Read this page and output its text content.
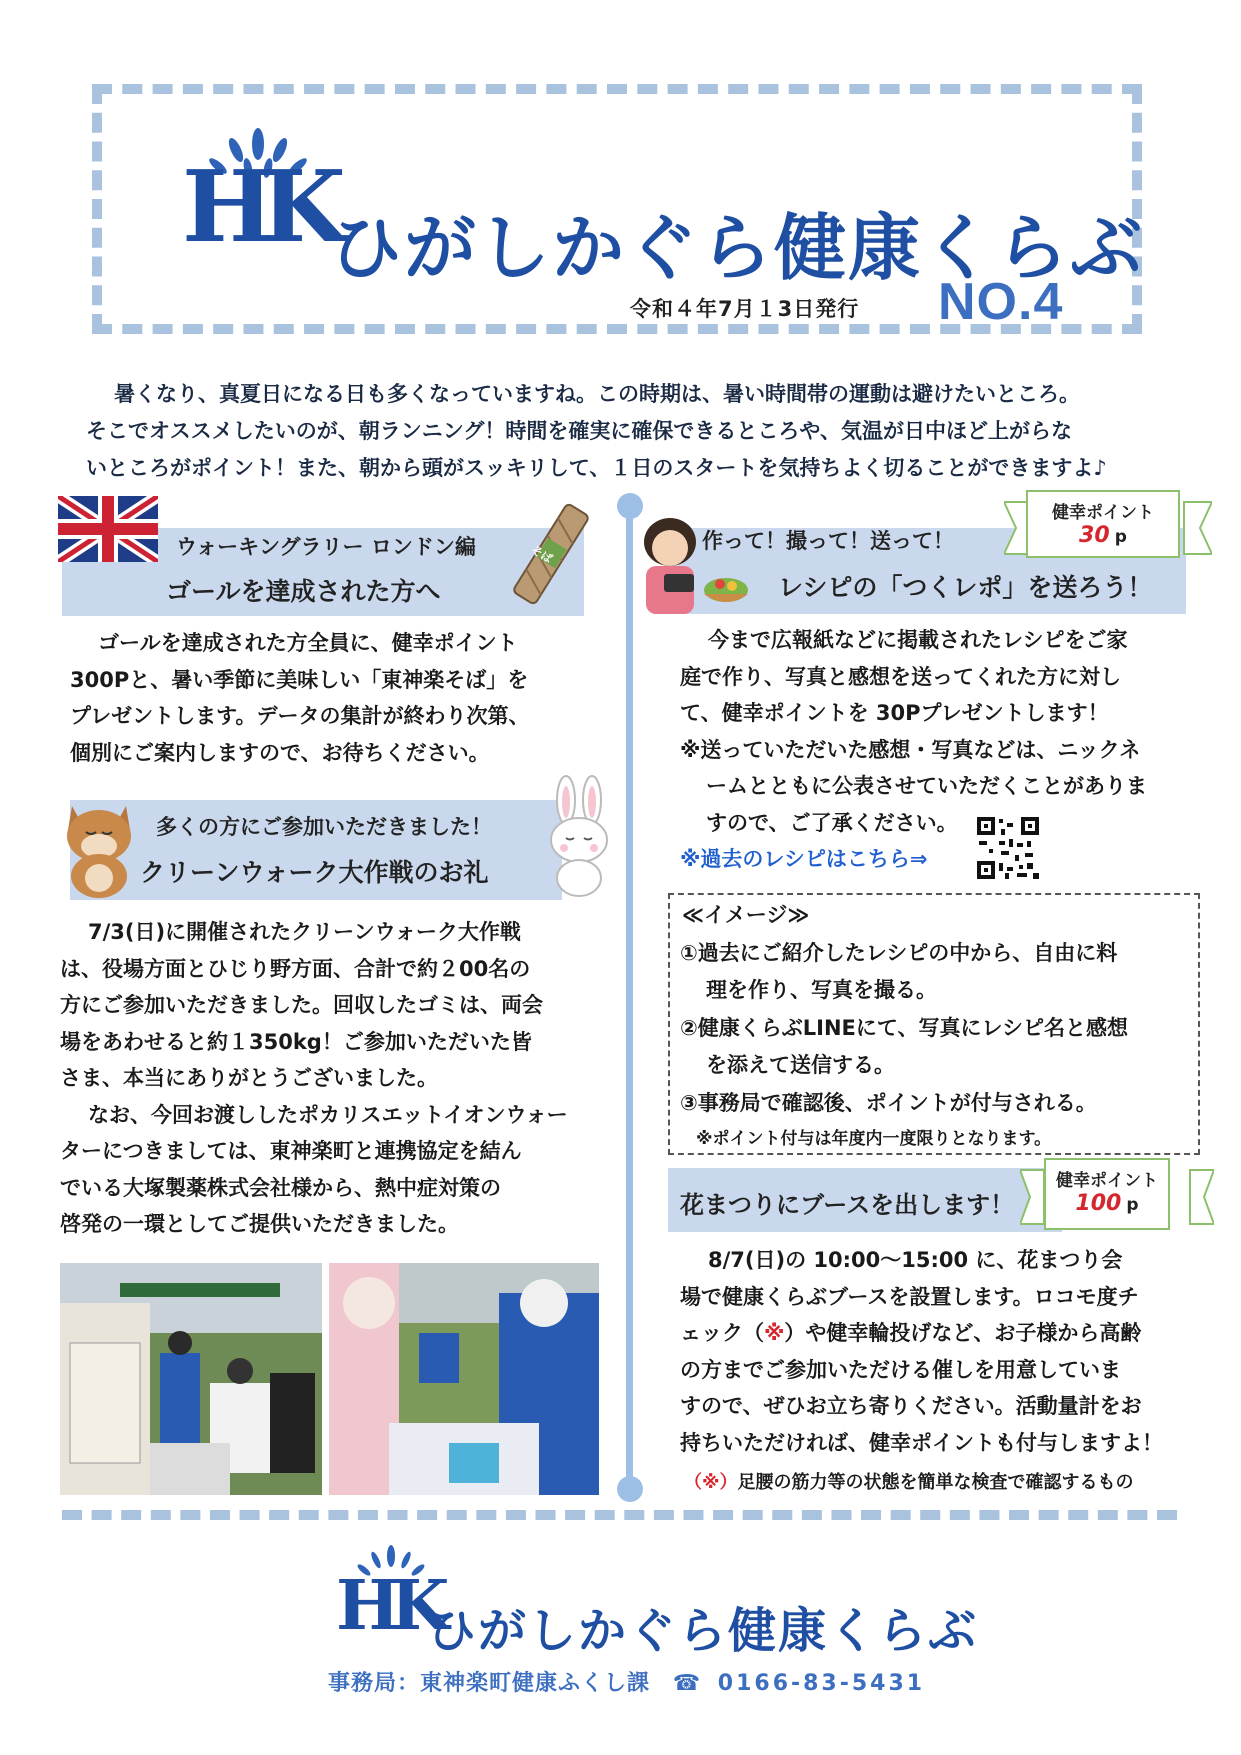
HK
ひがしかぐら健康くらぶ
令和４年7月１3日発行 NO.4

暑くなり、真夏日になる日も多くなっていますね。この時期は、暑い時間帯の運動は避けたいところ。

そこでオススメしたいのが、朝ランニング！時間を確実に確保できるところや、気温が日中ほど上がらな

いところがポイント！また、朝から頭がスッキリして、１日のスタートを気持ちよく切ることができますよ♪

ウォーキングラリー ロンドン編
ゴールを達成された方へ
そば

ゴールを達成された方全員に、健幸ポイント

300Pと、暑い季節に美味しい「東神楽そば」を

プレゼントします。データの集計が終わり次第、

個別にご案内しますので、お待ちください。

多くの方にご参加いただきました！
クリーンウォーク大作戦のお礼

7/3(日)に開催されたクリーンウォーク大作戦

は、役場方面とひじり野方面、合計で約２00名の

方にご参加いただきました。回収したゴミは、両会

場をあわせると約１350kg！ご参加いただいた皆

さま、本当にありがとうございました。

なお、今回お渡ししたポカリスエットイオンウォー

ターにつきましては、東神楽町と連携協定を結ん

でいる大塚製薬株式会社様から、熱中症対策の

啓発の一環としてご提供いただきました。

作って！撮って！送って！
レシピの「つくレポ」を送ろう！
健幸ポイント
30 p

今まで広報紙などに掲載されたレシピをご家

庭で作り、写真と感想を送ってくれた方に対し

て、健幸ポイントを 30Pプレゼントします！

※送っていただいた感想・写真などは、ニックネ

ームとともに公表させていただくことがありま

すので、ご了承ください。

※過去のレシピはこちら⇒

≪イメージ≫

①過去にご紹介したレシピの中から、自由に料

理を作り、写真を撮る。

②健康くらぶLINEにて、写真にレシピ名と感想

を添えて送信する。

③事務局で確認後、ポイントが付与される。

※ポイント付与は年度内一度限りとなります。
花まつりにブースを出します！
健幸ポイント
100 p

8/7(日)の 10:00～15:00 に、花まつり会

場で健康くらぶブースを設置します。ロコモ度チ

ェック（※）や健幸輪投げなど、お子様から高齢

の方までご参加いただける催しを用意していま

すので、ぜひお立ち寄りください。活動量計をお

持ちいただければ、健幸ポイントも付与しますよ！

（※）足腰の筋力等の状態を簡単な検査で確認するもの
HK
ひがしかぐら健康くらぶ
事務局：東神楽町健康ふくし課 ☎ 0166-83-5431
